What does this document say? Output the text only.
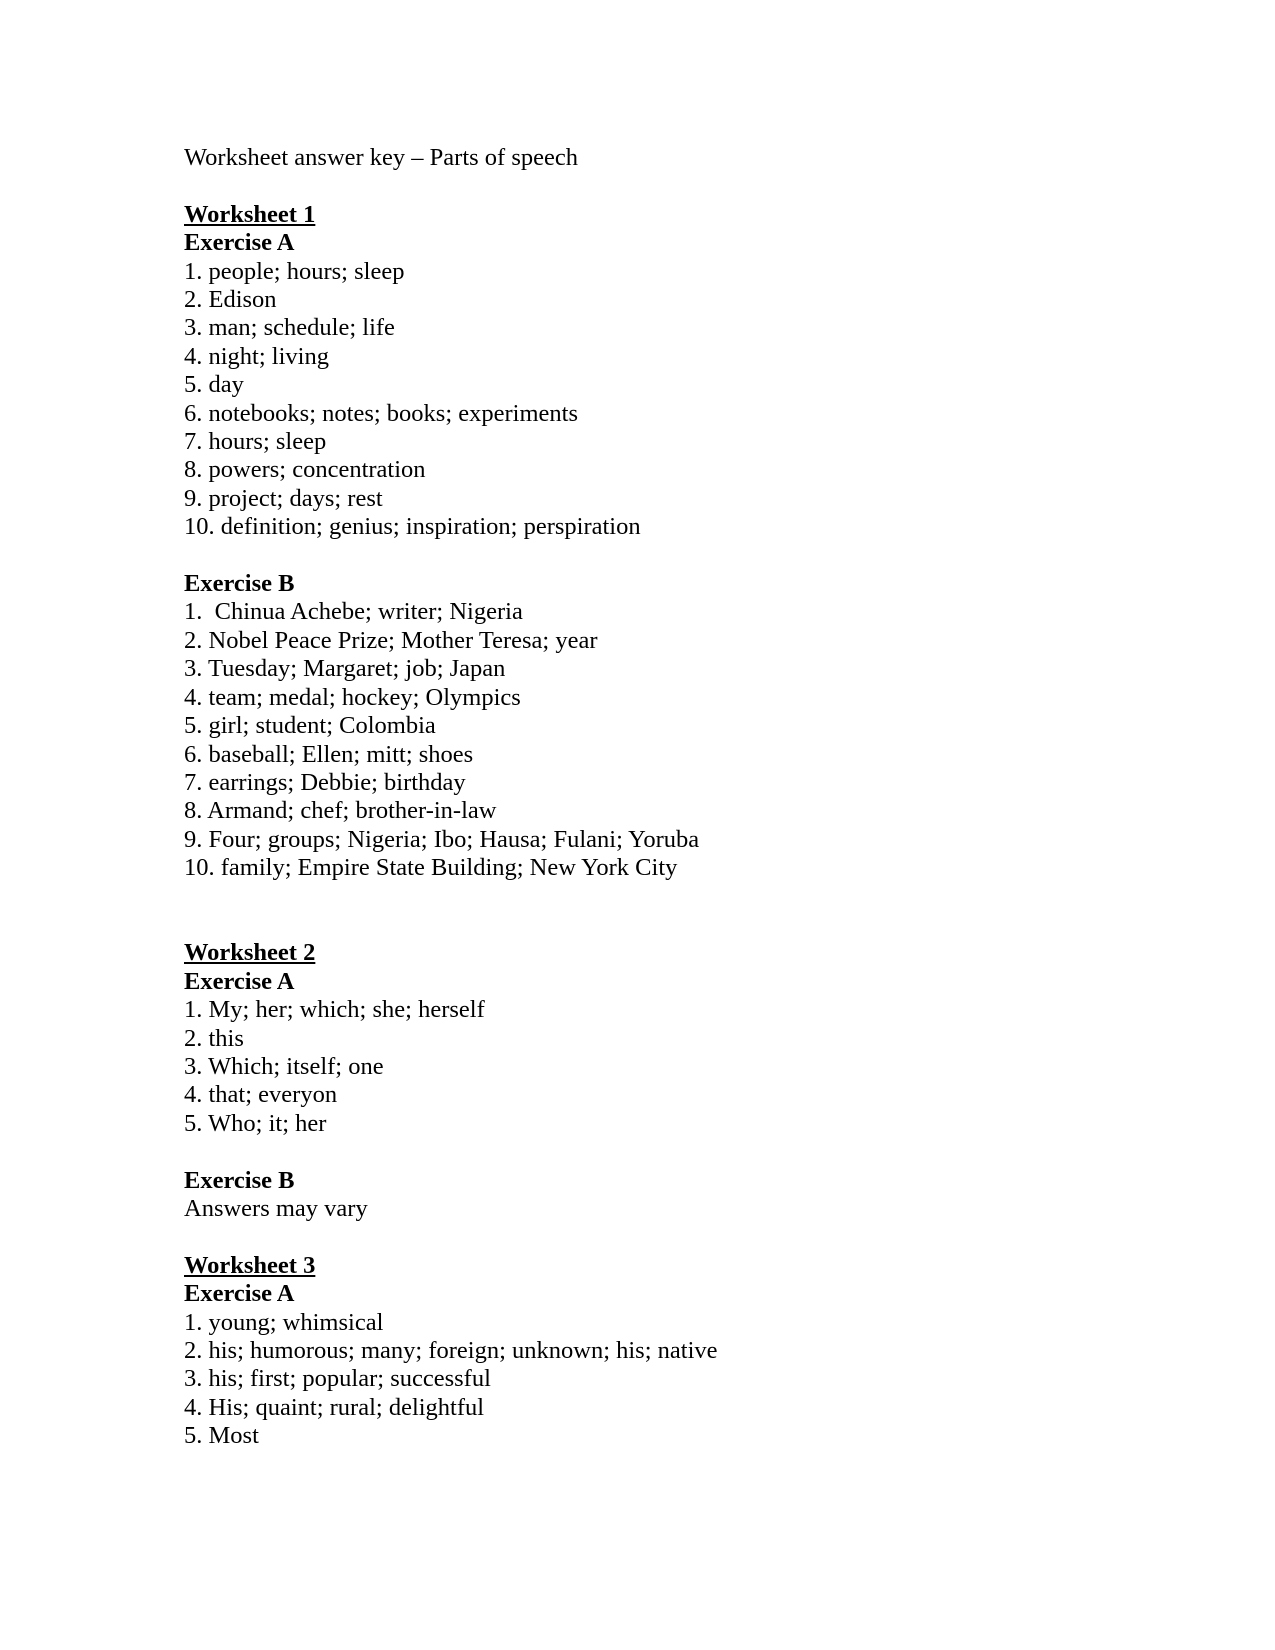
Worksheet answer key – Parts of speech

Worksheet 1

Exercise A

1. people; hours; sleep
2. Edison
3. man; schedule; life
4. night; living
5. day
6. notebooks; notes; books; experiments
7. hours; sleep
8. powers; concentration
9. project; days; rest
10. definition; genius; inspiration; perspiration

Exercise B

1.  Chinua Achebe; writer; Nigeria
2. Nobel Peace Prize; Mother Teresa; year
3. Tuesday; Margaret; job; Japan
4. team; medal; hockey; Olympics
5. girl; student; Colombia
6. baseball; Ellen; mitt; shoes
7. earrings; Debbie; birthday
8. Armand; chef; brother-in-law
9. Four; groups; Nigeria; Ibo; Hausa; Fulani; Yoruba
10. family; Empire State Building; New York City

Worksheet 2

Exercise A

1. My; her; which; she; herself
2. this
3. Which; itself; one
4. that; everyon
5. Who; it; her

Exercise B

Answers may vary

Worksheet 3

Exercise A

1. young; whimsical
2. his; humorous; many; foreign; unknown; his; native
3. his; first; popular; successful
4. His; quaint; rural; delightful
5. Most
